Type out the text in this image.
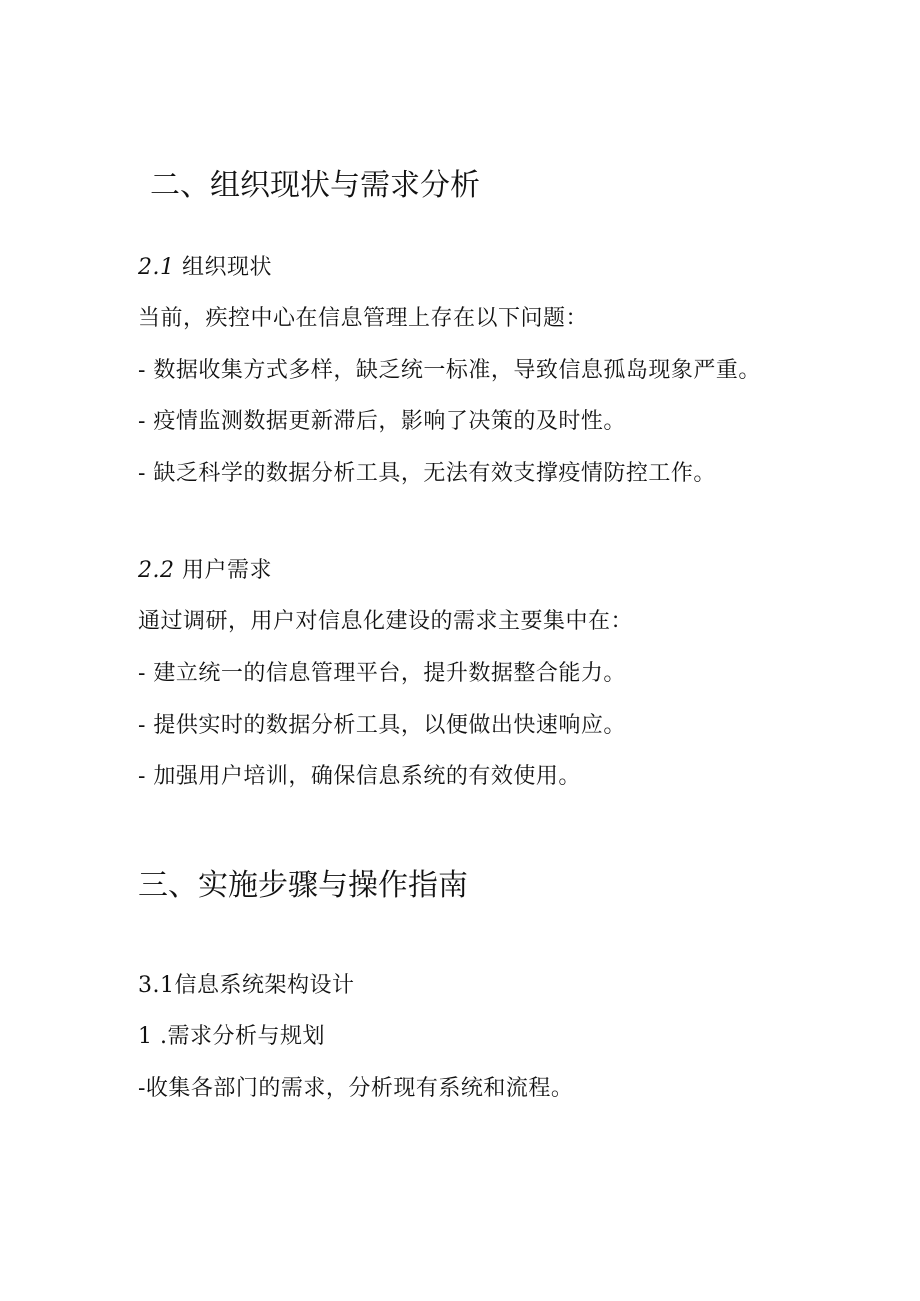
二、组织现状与需求分析
2.1 组织现状
当前，疾控中心在信息管理上存在以下问题：
- 数据收集方式多样，缺乏统一标准，导致信息孤岛现象严重。
- 疫情监测数据更新滞后，影响了决策的及时性。
- 缺乏科学的数据分析工具，无法有效支撑疫情防控工作。
2.2 用户需求
通过调研，用户对信息化建设的需求主要集中在：
- 建立统一的信息管理平台，提升数据整合能力。
- 提供实时的数据分析工具，以便做出快速响应。
- 加强用户培训，确保信息系统的有效使用。
三、实施步骤与操作指南
3.1信息系统架构设计
1 .需求分析与规划
-收集各部门的需求，分析现有系统和流程。
